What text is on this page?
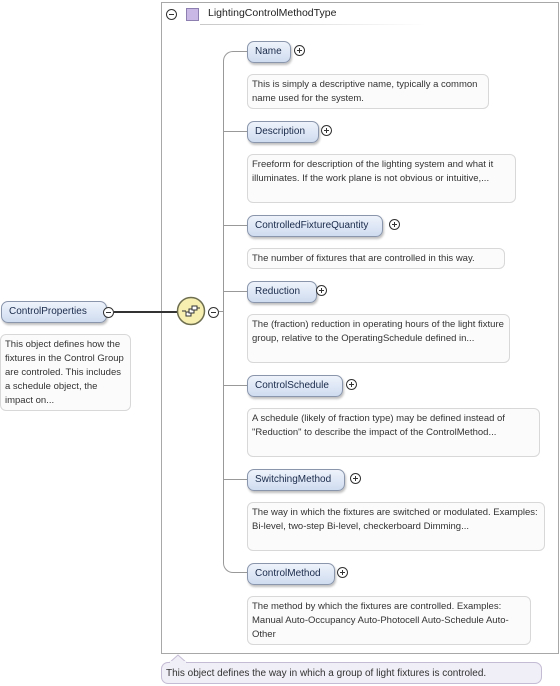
LightingControlMethodType
ControlProperties
This object defines how the fixtures in the Control Group are controled. This includes a schedule object, the impact on...
Name
This is simply a descriptive name, typically a common name used for the system.
Description
Freeform for description of the lighting system and what it illuminates. If the work plane is not obvious or intuitive,...
ControlledFixtureQuantity
The number of fixtures that are controlled in this way.
Reduction
The (fraction) reduction in operating hours of the light fixture group, relative to the OperatingSchedule defined in...
ControlSchedule
A schedule (likely of fraction type) may be defined instead of "Reduction" to describe the impact of the ControlMethod...
SwitchingMethod
The way in which the fixtures are switched or modulated. Examples: Bi-level, two-step Bi-level, checkerboard Dimming...
ControlMethod
The method by which the fixtures are controlled. Examples: Manual Auto-Occupancy Auto-Photocell Auto-Schedule Auto-Other
This object defines the way in which a group of light fixtures is controled.
